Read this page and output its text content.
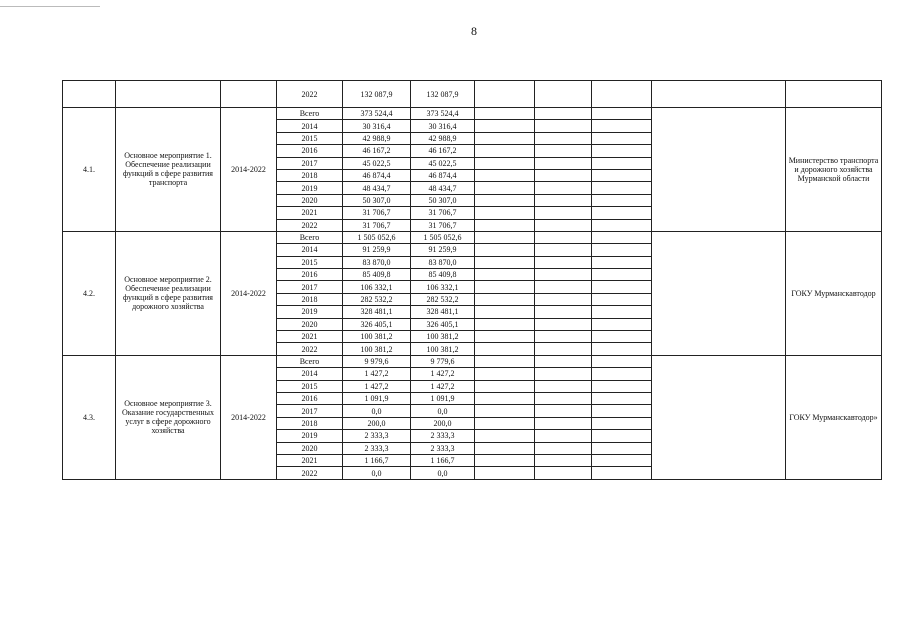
8
			2022	132 087,9	132 087,9					
4.1.	Основное мероприятие 1. Обеспечение реализации функций в сфере развития транспорта	2014-2022	Всего	373 524,4	373 524,4					Министерство транспорта и дорожного хозяйства Мурманской области
			2014	30 316,4	30 316,4					
			2015	42 988,9	42 988,9					
			2016	46 167,2	46 167,2					
			2017	45 022,5	45 022,5					
			2018	46 874,4	46 874,4					
			2019	48 434,7	48 434,7					
			2020	50 307,0	50 307,0					
			2021	31 706,7	31 706,7					
			2022	31 706,7	31 706,7					
4.2.	Основное мероприятие 2. Обеспечение реализации функций в сфере развития дорожного хозяйства	2014-2022	Всего	1 505 052,6	1 505 052,6					ГОКУ Мурманскавтодор
			2014	91 259,9	91 259,9					
			2015	83 870,0	83 870,0					
			2016	85 409,8	85 409,8					
			2017	106 332,1	106 332,1					
			2018	282 532,2	282 532,2					
			2019	328 481,1	328 481,1					
			2020	326 405,1	326 405,1					
			2021	100 381,2	100 381,2					
			2022	100 381,2	100 381,2					
4.3.	Основное мероприятие 3. Оказание государственных услуг в сфере дорожного хозяйства	2014-2022	Всего	9 979,6	9 779,6					ГОКУ Мурманскавтодор»
			2014	1 427,2	1 427,2					
			2015	1 427,2	1 427,2					
			2016	1 091,9	1 091,9					
			2017	0,0	0,0					
			2018	200,0	200,0					
			2019	2 333,3	2 333,3					
			2020	2 333,3	2 333,3					
			2021	1 166,7	1 166,7					
			2022	0,0	0,0					
